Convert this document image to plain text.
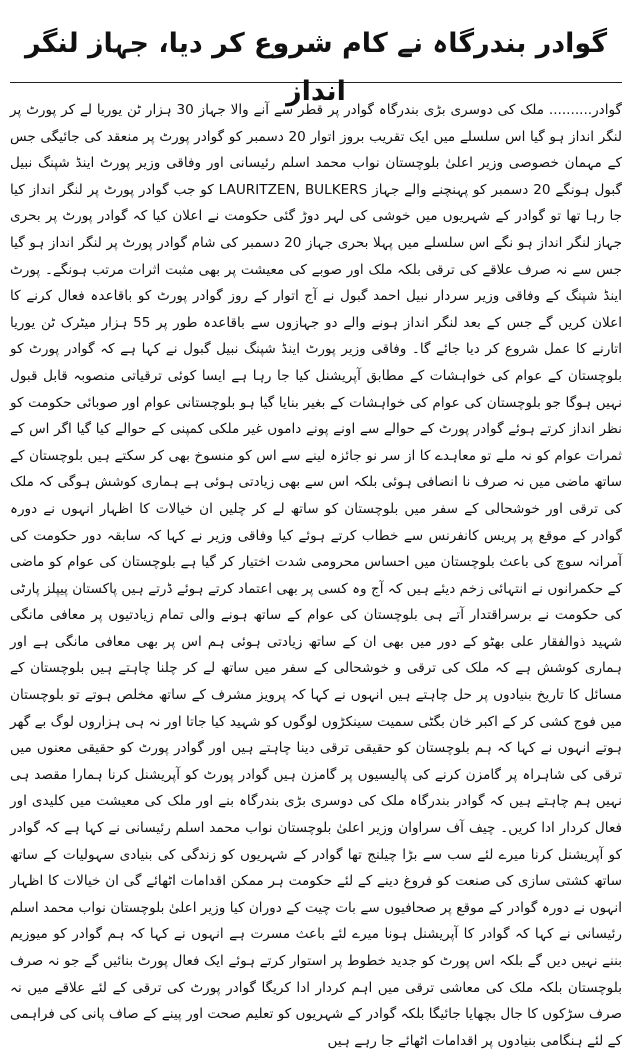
گوادر بندرگاہ نے کام شروع کر دیا، جہاز لنگر انداز
گوادر.......... ملک کی دوسری بڑی بندرگاہ گوادر پر قطر سے آنے والا جہاز 30 ہزار ٹن یوریا لے کر پورٹ پر لنگر انداز ہو گیا اس سلسلے میں ایک تقریب بروز اتوار 20 دسمبر کو گوادر پورٹ پر منعقد کی جائیگی جس کے مہمان خصوصی وزیر اعلیٰ بلوچستان نواب محمد اسلم رئیسانی اور وفاقی وزیر پورٹ اینڈ شپنگ نبیل گبول ہونگے 20 دسمبر کو پہنچنے والے جہاز LAURITZEN, BULKERS کو جب گوادر پورٹ پر لنگر انداز کیا جا رہا تھا تو گوادر کے شہریوں میں خوشی کی لہر دوڑ گئی حکومت نے اعلان کیا کہ گوادر پورٹ پر بحری جہاز لنگر انداز ہو نگے اس سلسلے میں پہلا بحری جہاز 20 دسمبر کی شام گوادر پورٹ پر لنگر انداز ہو گیا جس سے نہ صرف علاقے کی ترقی بلکہ ملک اور صوبے کی معیشت پر بھی مثبت اثرات مرتب ہونگے۔ پورٹ اینڈ شپنگ کے وفاقی وزیر سردار نبیل احمد گبول نے آج اتوار کے روز گوادر پورٹ کو باقاعدہ فعال کرنے کا اعلان کریں گے جس کے بعد لنگر انداز ہونے والے دو جہازوں سے باقاعدہ طور پر 55 ہزار میٹرک ٹن یوریا اتارنے کا عمل شروع کر دیا جائے گا۔ وفاقی وزیر پورٹ اینڈ شپنگ نبیل گبول نے کہا ہے کہ گوادر پورٹ کو بلوچستان کے عوام کی خواہشات کے مطابق آپریشنل کیا جا رہا ہے ایسا کوئی ترقیاتی منصوبہ قابل قبول نہیں ہوگا جو بلوچستان کی عوام کی خواہشات کے بغیر بنایا گیا ہو بلوچستانی عوام اور صوبائی حکومت کو نظر انداز کرتے ہوئے گوادر پورٹ کے حوالے سے اونے پونے داموں غیر ملکی کمپنی کے حوالے کیا گیا اگر اس کے ثمرات عوام کو نہ ملے تو معاہدے کا از سر نو جائزہ لینے سے اس کو منسوخ بھی کر سکتے ہیں بلوچستان کے ساتھ ماضی میں نہ صرف نا انصافی ہوئی بلکہ اس سے بھی زیادتی ہوئی ہے ہماری کوشش ہوگی کہ ملک کی ترقی اور خوشحالی کے سفر میں بلوچستان کو ساتھ لے کر چلیں ان خیالات کا اظہار انہوں نے دورہ گوادر کے موقع پر پریس کانفرنس سے خطاب کرتے ہوئے کیا وفاقی وزیر نے کہا کہ سابقہ دور حکومت کی آمرانہ سوچ کی باعث بلوچستان میں احساس محرومی شدت اختیار کر گیا ہے بلوچستان کی عوام کو ماضی کے حکمرانوں نے انتہائی زخم دیئے ہیں کہ آج وہ کسی پر بھی اعتماد کرتے ہوئے ڈرتے ہیں پاکستان پیپلز پارٹی کی حکومت نے برسراقتدار آتے ہی بلوچستان کی عوام کے ساتھ ہونے والی تمام زیادتیوں پر معافی مانگی شہید ذوالفقار علی بھٹو کے دور میں بھی ان کے ساتھ زیادتی ہوئی ہم اس پر بھی معافی مانگی ہے اور ہماری کوشش ہے کہ ملک کی ترقی و خوشحالی کے سفر میں ساتھ لے کر چلنا چاہتے ہیں بلوچستان کے مسائل کا تاریخ بنیادوں پر حل چاہتے ہیں انہوں نے کہا کہ پرویز مشرف کے ساتھ مخلص ہوتے تو بلوچستان میں فوج کشی کر کے اکبر خان بگٹی سمیت سینکڑوں لوگوں کو شہید کیا جاتا اور نہ ہی ہزاروں لوگ بے گھر ہوتے انہوں نے کہا کہ ہم بلوچستان کو حقیقی ترقی دینا چاہتے ہیں اور گوادر پورٹ کو حقیقی معنوں میں ترقی کی شاہراہ پر گامزن کرنے کی پالیسیوں پر گامزن ہیں گوادر پورٹ کو آپریشنل کرنا ہمارا مقصد ہی نہیں ہم چاہتے ہیں کہ گوادر بندرگاہ ملک کی دوسری بڑی بندرگاہ بنے اور ملک کی معیشت میں کلیدی اور فعال کردار ادا کریں۔ چیف آف سراوان وزیر اعلیٰ بلوچستان نواب محمد اسلم رئیسانی نے کہا ہے کہ گوادر کو آپریشنل کرنا میرے لئے سب سے بڑا چیلنج تھا گوادر کے شہریوں کو زندگی کی بنیادی سہولیات کے ساتھ ساتھ کشتی سازی کی صنعت کو فروغ دینے کے لئے حکومت ہر ممکن اقدامات اٹھائے گی ان خیالات کا اظہار انہوں نے دورہ گوادر کے موقع پر صحافیوں سے بات چیت کے دوران کیا وزیر اعلیٰ بلوچستان نواب محمد اسلم رئیسانی نے کہا کہ گوادر کا آپریشنل ہونا میرے لئے باعث مسرت ہے انہوں نے کہا کہ ہم گوادر کو میوزیم بننے نہیں دیں گے بلکہ اس پورٹ کو جدید خطوط پر استوار کرتے ہوئے ایک فعال پورٹ بنائیں گے جو نہ صرف بلوچستان بلکہ ملک کی معاشی ترقی میں اہم کردار ادا کریگا گوادر پورٹ کی ترقی کے لئے علاقے میں نہ صرف سڑکوں کا جال بچھایا جائیگا بلکہ گوادر کے شہریوں کو تعلیم صحت اور پینے کے صاف پانی کی فراہمی کے لئے ہنگامی بنیادوں پر اقدامات اٹھائے جا رہے ہیں
